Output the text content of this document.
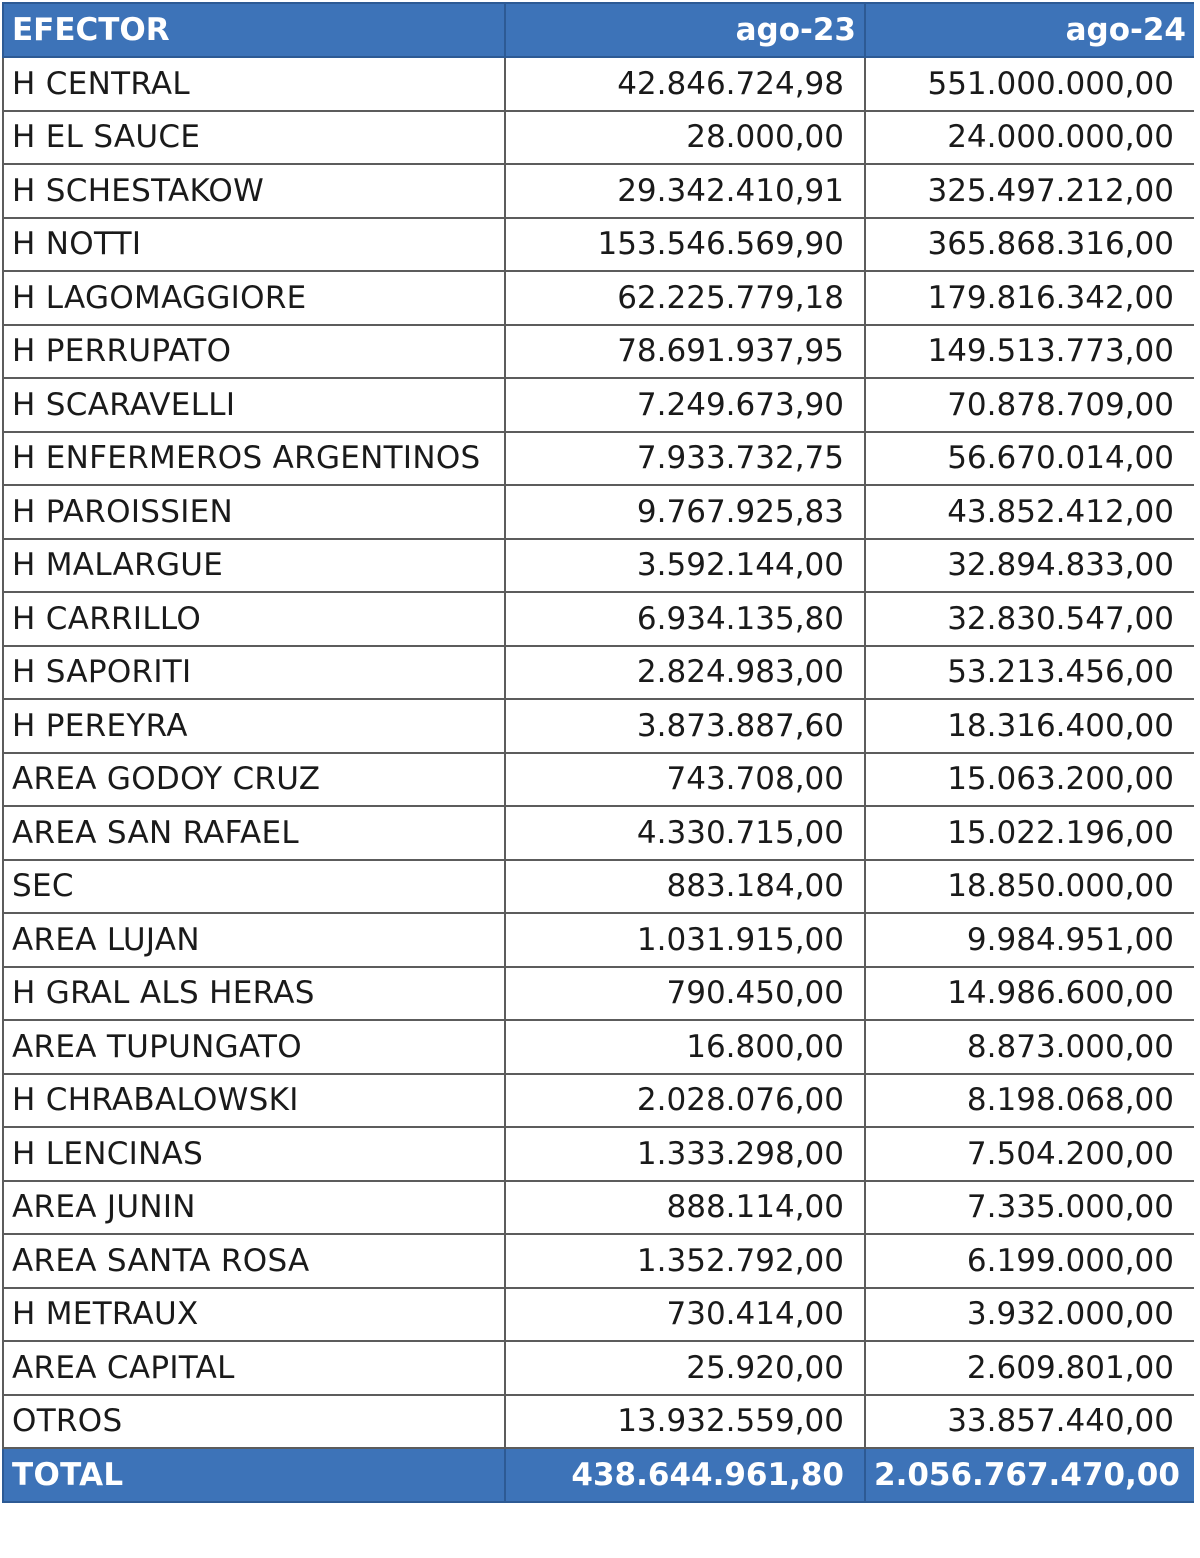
EFECTOR	ago-23	ago-24
H CENTRAL	42.846.724,98	551.000.000,00
H EL SAUCE	28.000,00	24.000.000,00
H SCHESTAKOW	29.342.410,91	325.497.212,00
H NOTTI	153.546.569,90	365.868.316,00
H LAGOMAGGIORE	62.225.779,18	179.816.342,00
H PERRUPATO	78.691.937,95	149.513.773,00
H SCARAVELLI	7.249.673,90	70.878.709,00
H ENFERMEROS ARGENTINOS	7.933.732,75	56.670.014,00
H PAROISSIEN	9.767.925,83	43.852.412,00
H MALARGUE	3.592.144,00	32.894.833,00
H CARRILLO	6.934.135,80	32.830.547,00
H SAPORITI	2.824.983,00	53.213.456,00
H PEREYRA	3.873.887,60	18.316.400,00
AREA GODOY CRUZ	743.708,00	15.063.200,00
AREA SAN RAFAEL	4.330.715,00	15.022.196,00
SEC	883.184,00	18.850.000,00
AREA LUJAN	1.031.915,00	9.984.951,00
H GRAL ALS HERAS	790.450,00	14.986.600,00
AREA TUPUNGATO	16.800,00	8.873.000,00
H CHRABALOWSKI	2.028.076,00	8.198.068,00
H LENCINAS	1.333.298,00	7.504.200,00
AREA JUNIN	888.114,00	7.335.000,00
AREA SANTA ROSA	1.352.792,00	6.199.000,00
H METRAUX	730.414,00	3.932.000,00
AREA CAPITAL	25.920,00	2.609.801,00
OTROS	13.932.559,00	33.857.440,00
TOTAL	438.644.961,80	2.056.767.470,00
